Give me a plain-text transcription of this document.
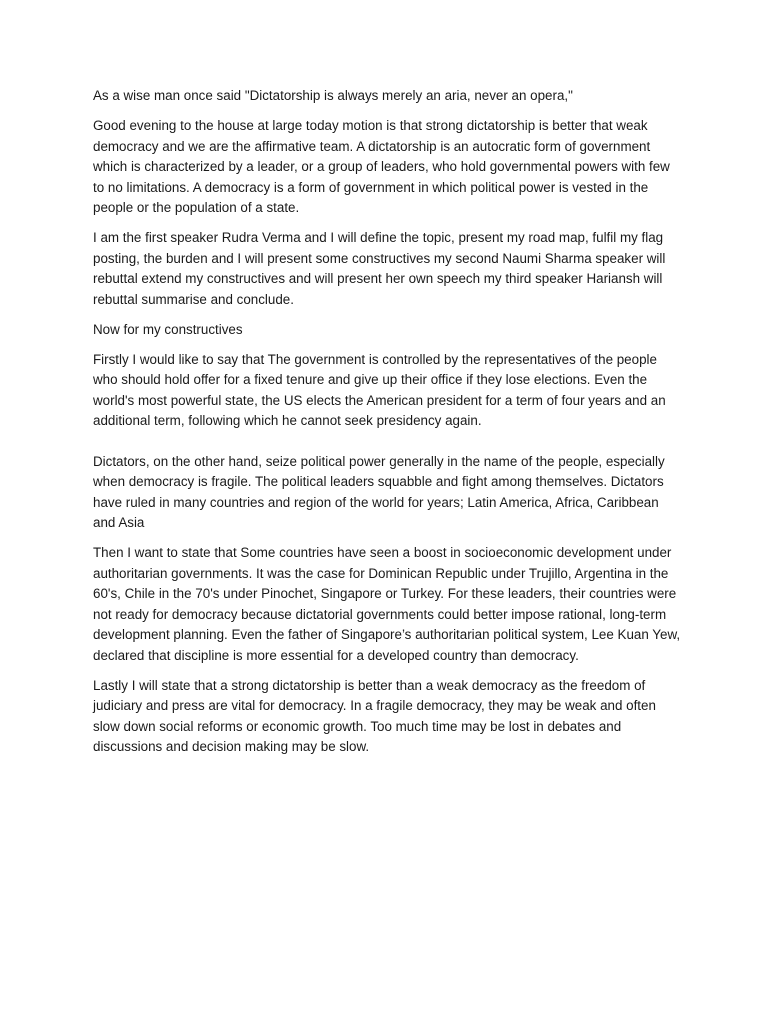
As a wise man once said "Dictatorship is always merely an aria, never an opera,"

Good evening to the house at large today motion is that strong dictatorship is better that weak democracy and we are the affirmative team. A dictatorship is an autocratic form of government which is characterized by a leader, or a group of leaders, who hold governmental powers with few to no limitations. A democracy is a form of government in which political power is vested in the people or the population of a state.

I am the first speaker Rudra Verma and I will define the topic, present my road map, fulfil my flag posting, the burden and I will present some constructives my second Naumi Sharma speaker will rebuttal extend my constructives and will present her own speech my third speaker Hariansh will rebuttal summarise and conclude.

Now for my constructives

Firstly I would like to say that The government is controlled by the representatives of the people who should hold offer for a fixed tenure and give up their office if they lose elections. Even the world's most powerful state, the US elects the American president for a term of four years and an additional term, following which he cannot seek presidency again.

Dictators, on the other hand, seize political power generally in the name of the people, especially when democracy is fragile. The political leaders squabble and fight among themselves. Dictators have ruled in many countries and region of the world for years; Latin America, Africa, Caribbean and Asia

Then I want to state that Some countries have seen a boost in socioeconomic development under authoritarian governments. It was the case for Dominican Republic under Trujillo, Argentina in the 60's, Chile in the 70's under Pinochet, Singapore or Turkey. For these leaders, their countries were not ready for democracy because dictatorial governments could better impose rational, long-term development planning. Even the father of Singapore’s authoritarian political system, Lee Kuan Yew, declared that discipline is more essential for a developed country than democracy.

Lastly I will state that a strong dictatorship is better than a weak democracy as the freedom of judiciary and press are vital for democracy. In a fragile democracy, they may be weak and often slow down social reforms or economic growth. Too much time may be lost in debates and discussions and decision making may be slow.
